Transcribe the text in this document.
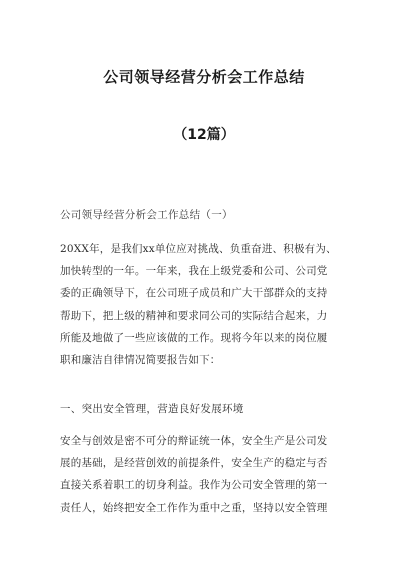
公司领导经营分析会工作总结
（12篇）
公司领导经营分析会工作总结（一）
20XX年，是我们xx单位应对挑战、负重奋进、积极有为、
加快转型的一年。一年来，我在上级党委和公司、公司党
委的正确领导下，在公司班子成员和广大干部群众的支持
帮助下，把上级的精神和要求同公司的实际结合起来，力
所能及地做了一些应该做的工作。现将今年以来的岗位履
职和廉洁自律情况简要报告如下：
一、突出安全管理，营造良好发展环境
安全与创效是密不可分的辩证统一体，安全生产是公司发
展的基础，是经营创效的前提条件，安全生产的稳定与否
直接关系着职工的切身利益。我作为公司安全管理的第一
责任人，始终把安全工作作为重中之重，坚持以安全管理
